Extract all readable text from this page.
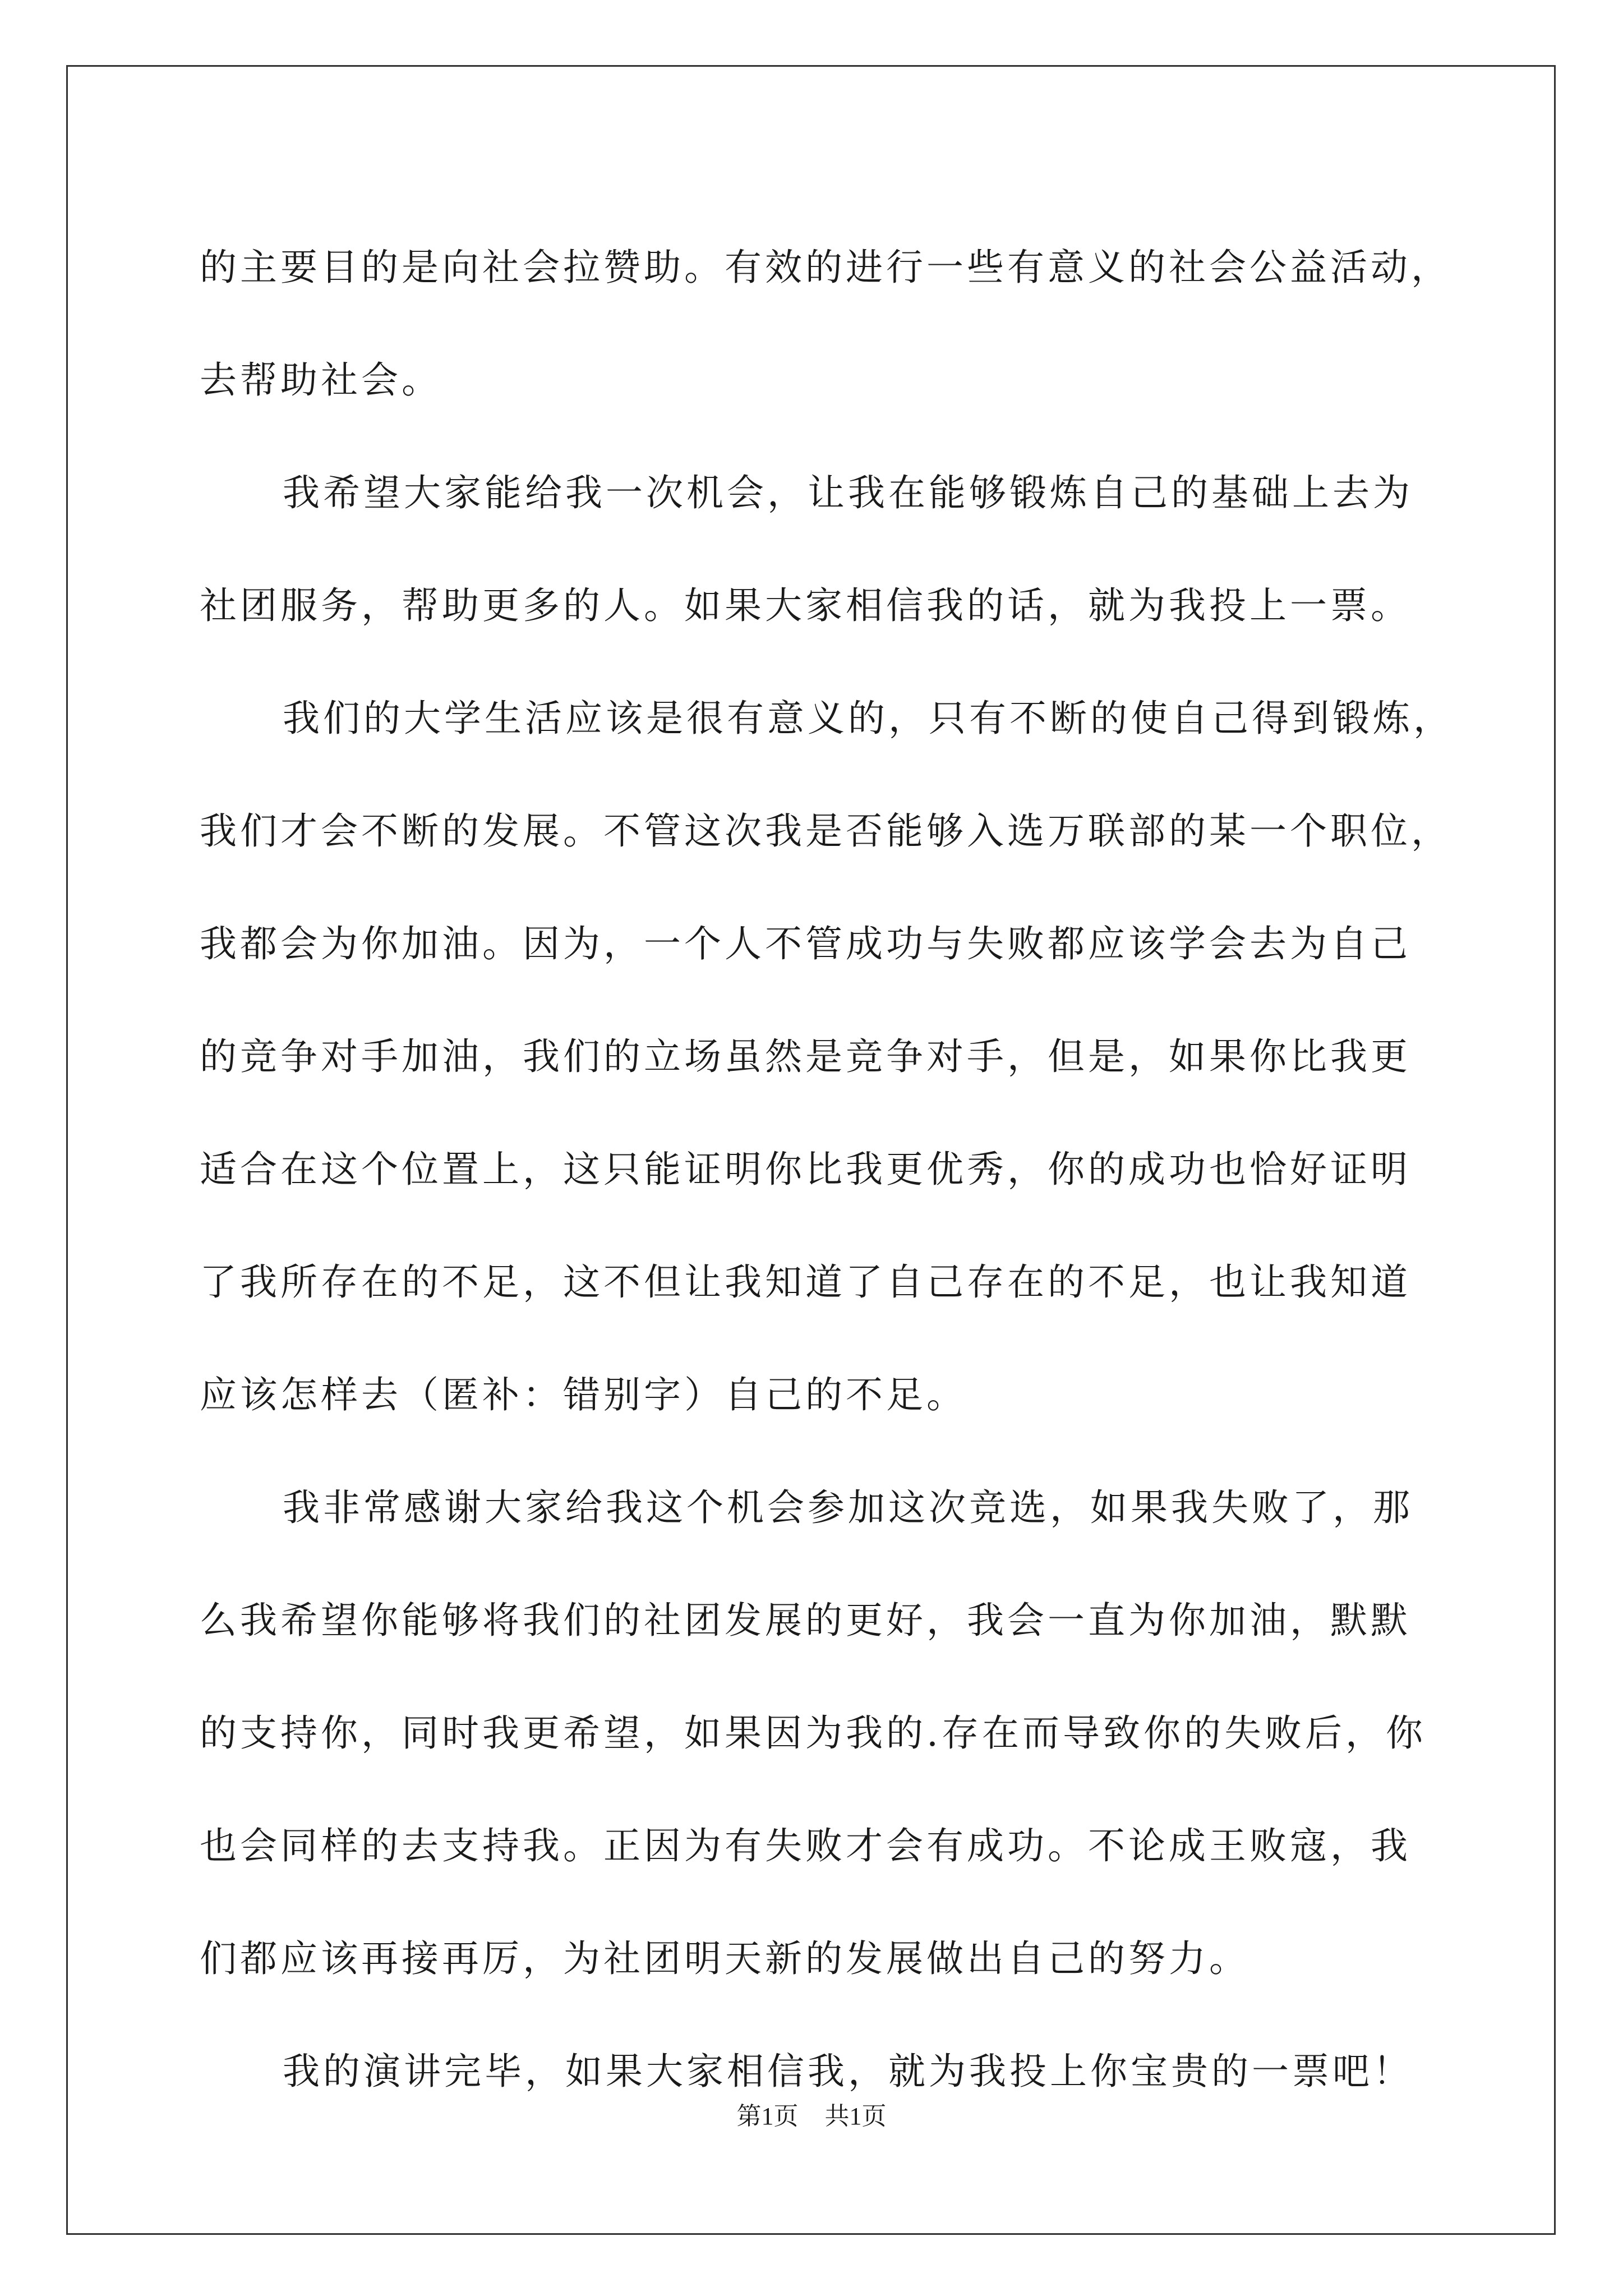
的主要目的是向社会拉赞助。有效的进行一些有意义的社会公益活动，
去帮助社会。
我希望大家能给我一次机会，让我在能够锻炼自己的基础上去为
社团服务，帮助更多的人。如果大家相信我的话，就为我投上一票。
我们的大学生活应该是很有意义的，只有不断的使自己得到锻炼，
我们才会不断的发展。不管这次我是否能够入选万联部的某一个职位，
我都会为你加油。因为，一个人不管成功与失败都应该学会去为自己
的竞争对手加油，我们的立场虽然是竞争对手，但是，如果你比我更
适合在这个位置上，这只能证明你比我更优秀，你的成功也恰好证明
了我所存在的不足，这不但让我知道了自己存在的不足，也让我知道
应该怎样去（匿补：错别字）自己的不足。
我非常感谢大家给我这个机会参加这次竞选，如果我失败了，那
么我希望你能够将我们的社团发展的更好，我会一直为你加油，默默
的支持你，同时我更希望，如果因为我的.存在而导致你的失败后，你
也会同样的去支持我。正因为有失败才会有成功。不论成王败寇，我
们都应该再接再厉，为社团明天新的发展做出自己的努力。
我的演讲完毕，如果大家相信我，就为我投上你宝贵的一票吧！
第1页 共1页
